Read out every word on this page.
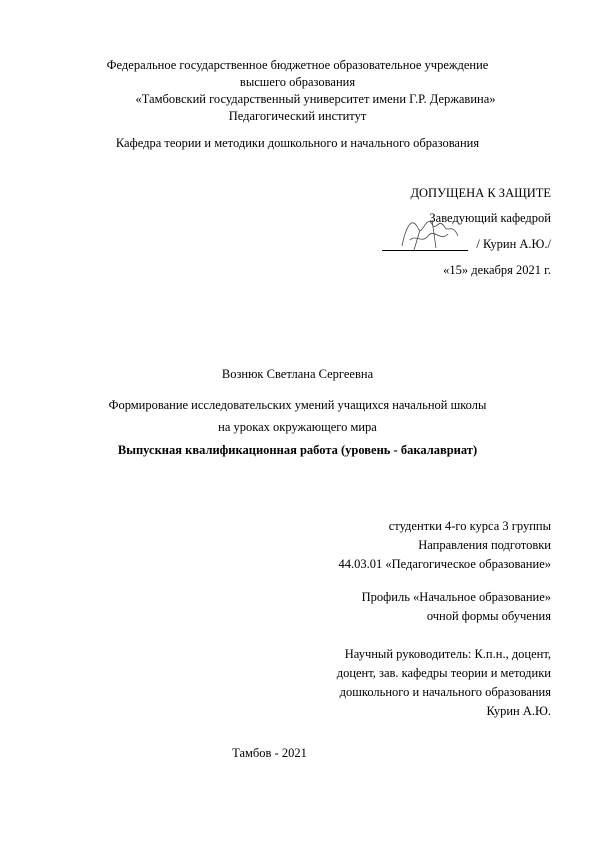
Федеральное государственное бюджетное образовательное учреждение
высшего образования
«Тамбовский государственный университет имени Г.Р. Державина»
Педагогический институт
Кафедра теории и методики дошкольного и начального образования
ДОПУЩЕНА К ЗАЩИТЕ
Заведующий кафедрой
/ Курин А.Ю./
«15» декабря 2021 г.
Вознюк Светлана Сергеевна
Формирование исследовательских умений учащихся начальной школы
на уроках окружающего мира
Выпускная квалификационная работа (уровень - бакалавриат)
студентки 4-го курса 3 группы
Направления подготовки
44.03.01 «Педагогическое образование»
Профиль «Начальное образование»
очной формы обучения
Научный руководитель: К.п.н., доцент,
доцент, зав. кафедры теории и методики
дошкольного и начального образования
Курин А.Ю.
Тамбов - 2021
